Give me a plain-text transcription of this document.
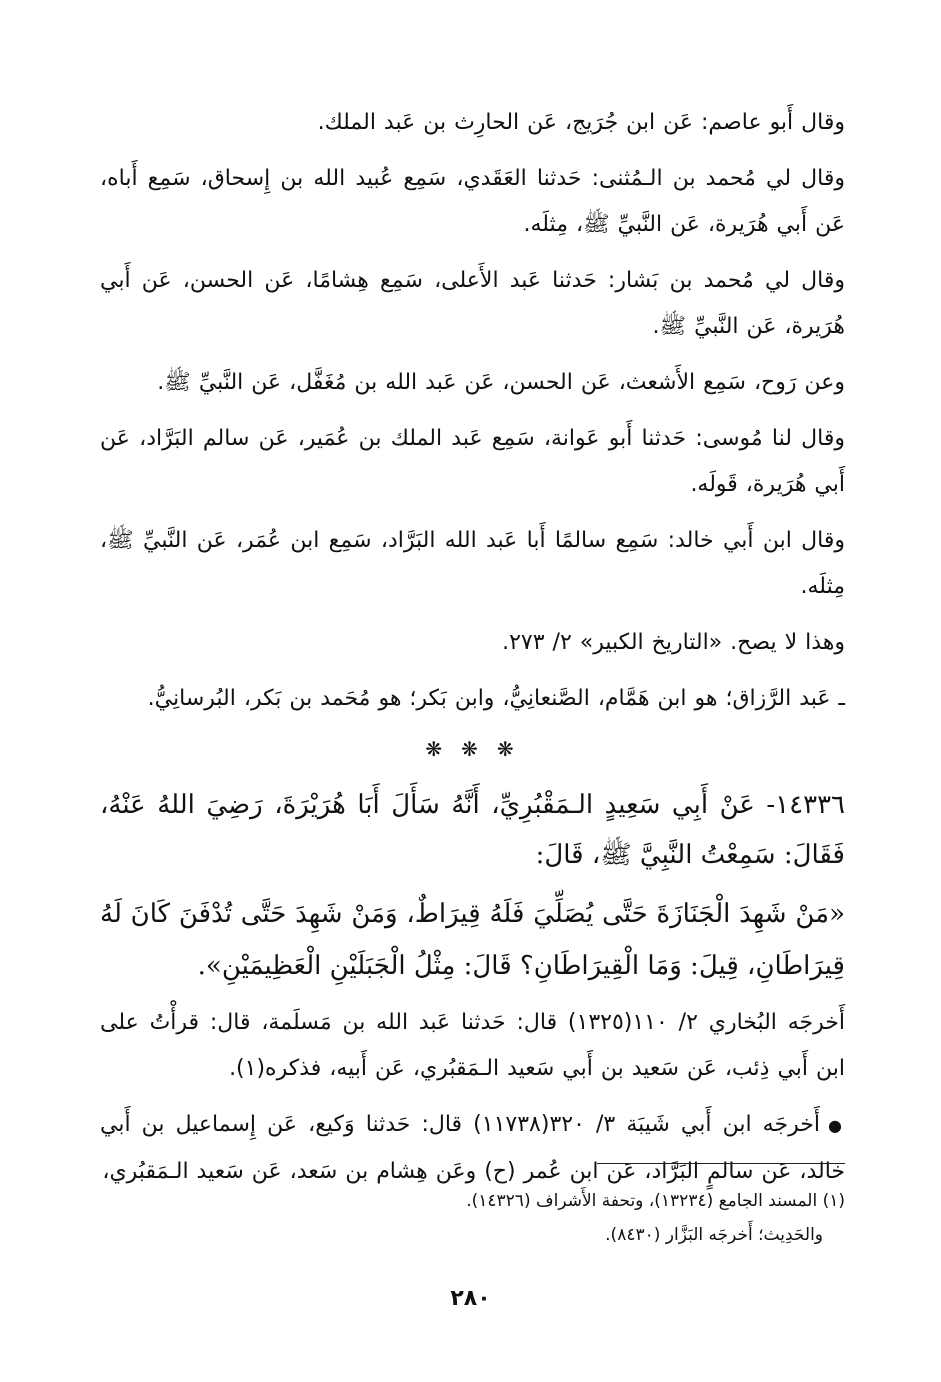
وقال أَبو عاصم: عَن ابن جُرَيج، عَن الحارِث بن عَبد الملك.

وقال لي مُحمد بن الـمُثنى: حَدثنا العَقَدي، سَمِع عُبيد الله بن إِسحاق، سَمِع أَباه، عَن أَبي هُرَيرة، عَن النَّبيِّ ﷺ، مِثلَه.

وقال لي مُحمد بن بَشار: حَدثنا عَبد الأَعلى، سَمِع هِشامًا، عَن الحسن، عَن أَبي هُرَيرة، عَن النَّبيِّ ﷺ.

وعن رَوح، سَمِع الأَشعث، عَن الحسن، عَن عَبد الله بن مُغَفَّل، عَن النَّبيِّ ﷺ.

وقال لنا مُوسى: حَدثنا أَبو عَوانة، سَمِع عَبد الملك بن عُمَير، عَن سالم البَرَّاد، عَن أَبي هُرَيرة، قَولَه.

وقال ابن أَبي خالد: سَمِع سالمًا أَبا عَبد الله البَرَّاد، سَمِع ابن عُمَر، عَن النَّبيِّ ﷺ، مِثلَه.

وهذا لا يصح. «التاريخ الكبير» ٢/ ٢٧٣.

ـ عَبد الرَّزاق؛ هو ابن هَمَّام، الصَّنعانِيُّ، وابن بَكر؛ هو مُحَمد بن بَكر، البُرسانِيُّ.

❋ ❋ ❋

١٤٣٣٦- عَنْ أَبِي سَعِيدٍ الـمَقْبُرِيِّ، أَنَّهُ سَأَلَ أَبَا هُرَيْرَةَ، رَضِيَ اللهُ عَنْهُ، فَقَالَ: سَمِعْتُ النَّبِيَّ ﷺ، قَالَ:

«مَنْ شَهِدَ الْجَنَازَةَ حَتَّى يُصَلِّيَ فَلَهُ قِيرَاطٌ، وَمَنْ شَهِدَ حَتَّى تُدْفَنَ كَانَ لَهُ قِيرَاطَانِ، قِيلَ: وَمَا الْقِيرَاطَانِ؟ قَالَ: مِثْلُ الْجَبَلَيْنِ الْعَظِيمَيْنِ».

أَخرجَه البُخاري ٢/ ١١٠(١٣٢٥) قال: حَدثنا عَبد الله بن مَسلَمة، قال: قرأْتُ على ابن أَبي ذِئب، عَن سَعيد بن أَبي سَعيد الـمَقبُري، عَن أَبيه، فذكره(١).

●أَخرجَه ابن أَبي شَيبَة ٣/ ٣٢٠(١١٧٣٨) قال: حَدثنا وَكيع، عَن إِسماعيل بن أَبي خالد، عَن سالمٍ البَرَّاد، عَن ابن عُمر (ح) وعَن هِشام بن سَعد، عَن سَعيد الـمَقبُري،

(١) المسند الجامع (١٣٢٣٤)، وتحفة الأَشراف (١٤٣٢٦).

والحَدِيث؛ أَخرجَه البَزَّار (٨٤٣٠).

٢٨٠
